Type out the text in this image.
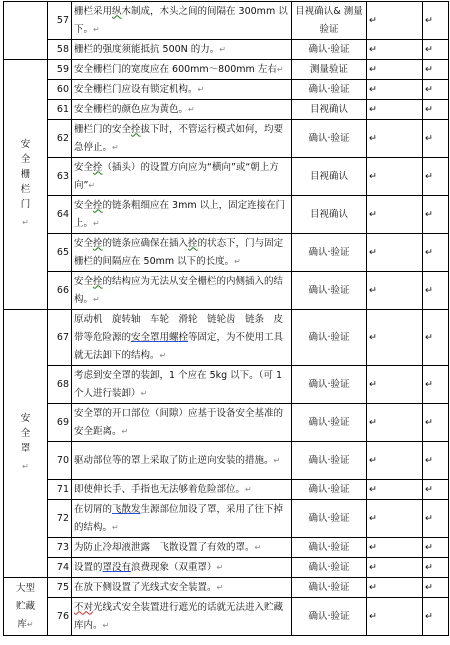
	57	栅栏采用纵木制成，木头之间的间隔在 300mm 以下。↵	目视确认& 测量验证	↵	↵
	58	栅栏的强度须能抵抗 500N 的力。↵	确认·验证	↵	↵
安全栅栏门
↵	59	安全栅栏门的宽度应在 600mm～800mm 左右↵	测量验证	↵	↵
	60	安全栅栏门应设有锁定机构。↵	确认·验证	↵	↵
	61	安全栅栏的颜色应为黄色。↵	目视确认	↵	↵
	62	栅栏门的安全拴拔下时，不管运行模式如何，均要急停止。↵	确认·验证	↵	↵
	63	安全拴（插头）的设置方向应为“横向”或“朝上方向”↵	目视确认	↵	↵
	64	安全拴的链条粗细应在 3mm 以上，固定连接在门上。↵	目视确认	↵	↵
	65	安全拴的链条应确保在插入拴的状态下，门与固定栅栏的间隔应在 50mm 以下的长度。↵	确认·验证	↵	↵
	66	安全拴的结构应为无法从安全栅栏的内侧插入的结构。↵	确认·验证	↵	↵
安全罩
↵	67	原动机　旋转轴　车轮　滑轮　链轮齿　链条　皮带等危险源的安全罩用螺栓等固定，为不使用工具就无法卸下的结构。↵	确认·验证	↵	↵
	68	考虑到安全罩的装卸，1 个应在 5kg 以下。（可 1 个人进行装卸）↵	确认·验证	↵	↵
	69	安全罩的开口部位（间隙）应基于设备安全基准的安全距离。↵	确认·验证	↵	↵
	70	驱动部位等的罩上采取了防止逆向安装的措施。↵	确认·验证	↵	↵
	71	即使伸长手、手指也无法够着危险部位。↵	确认·验证	↵	↵
	72	在切屑的飞散发生源部位加设了罩，采用了往下掉的结构。↵	确认·验证	↵	↵
	73	为防止冷却液泄露　飞散设置了有效的罩。↵	确认·验证	↵	↵
	74	设置的罩没有浪费现象（双重罩）↵	确认·验证	↵	↵
大型
贮藏
库↵	75	在放下侧设置了光线式安全装置。↵	确认·验证	↵	↵
	76	不对光线式安全装置进行遮光的话就无法进入贮藏库内。↵	确认·验证	↵	↵
